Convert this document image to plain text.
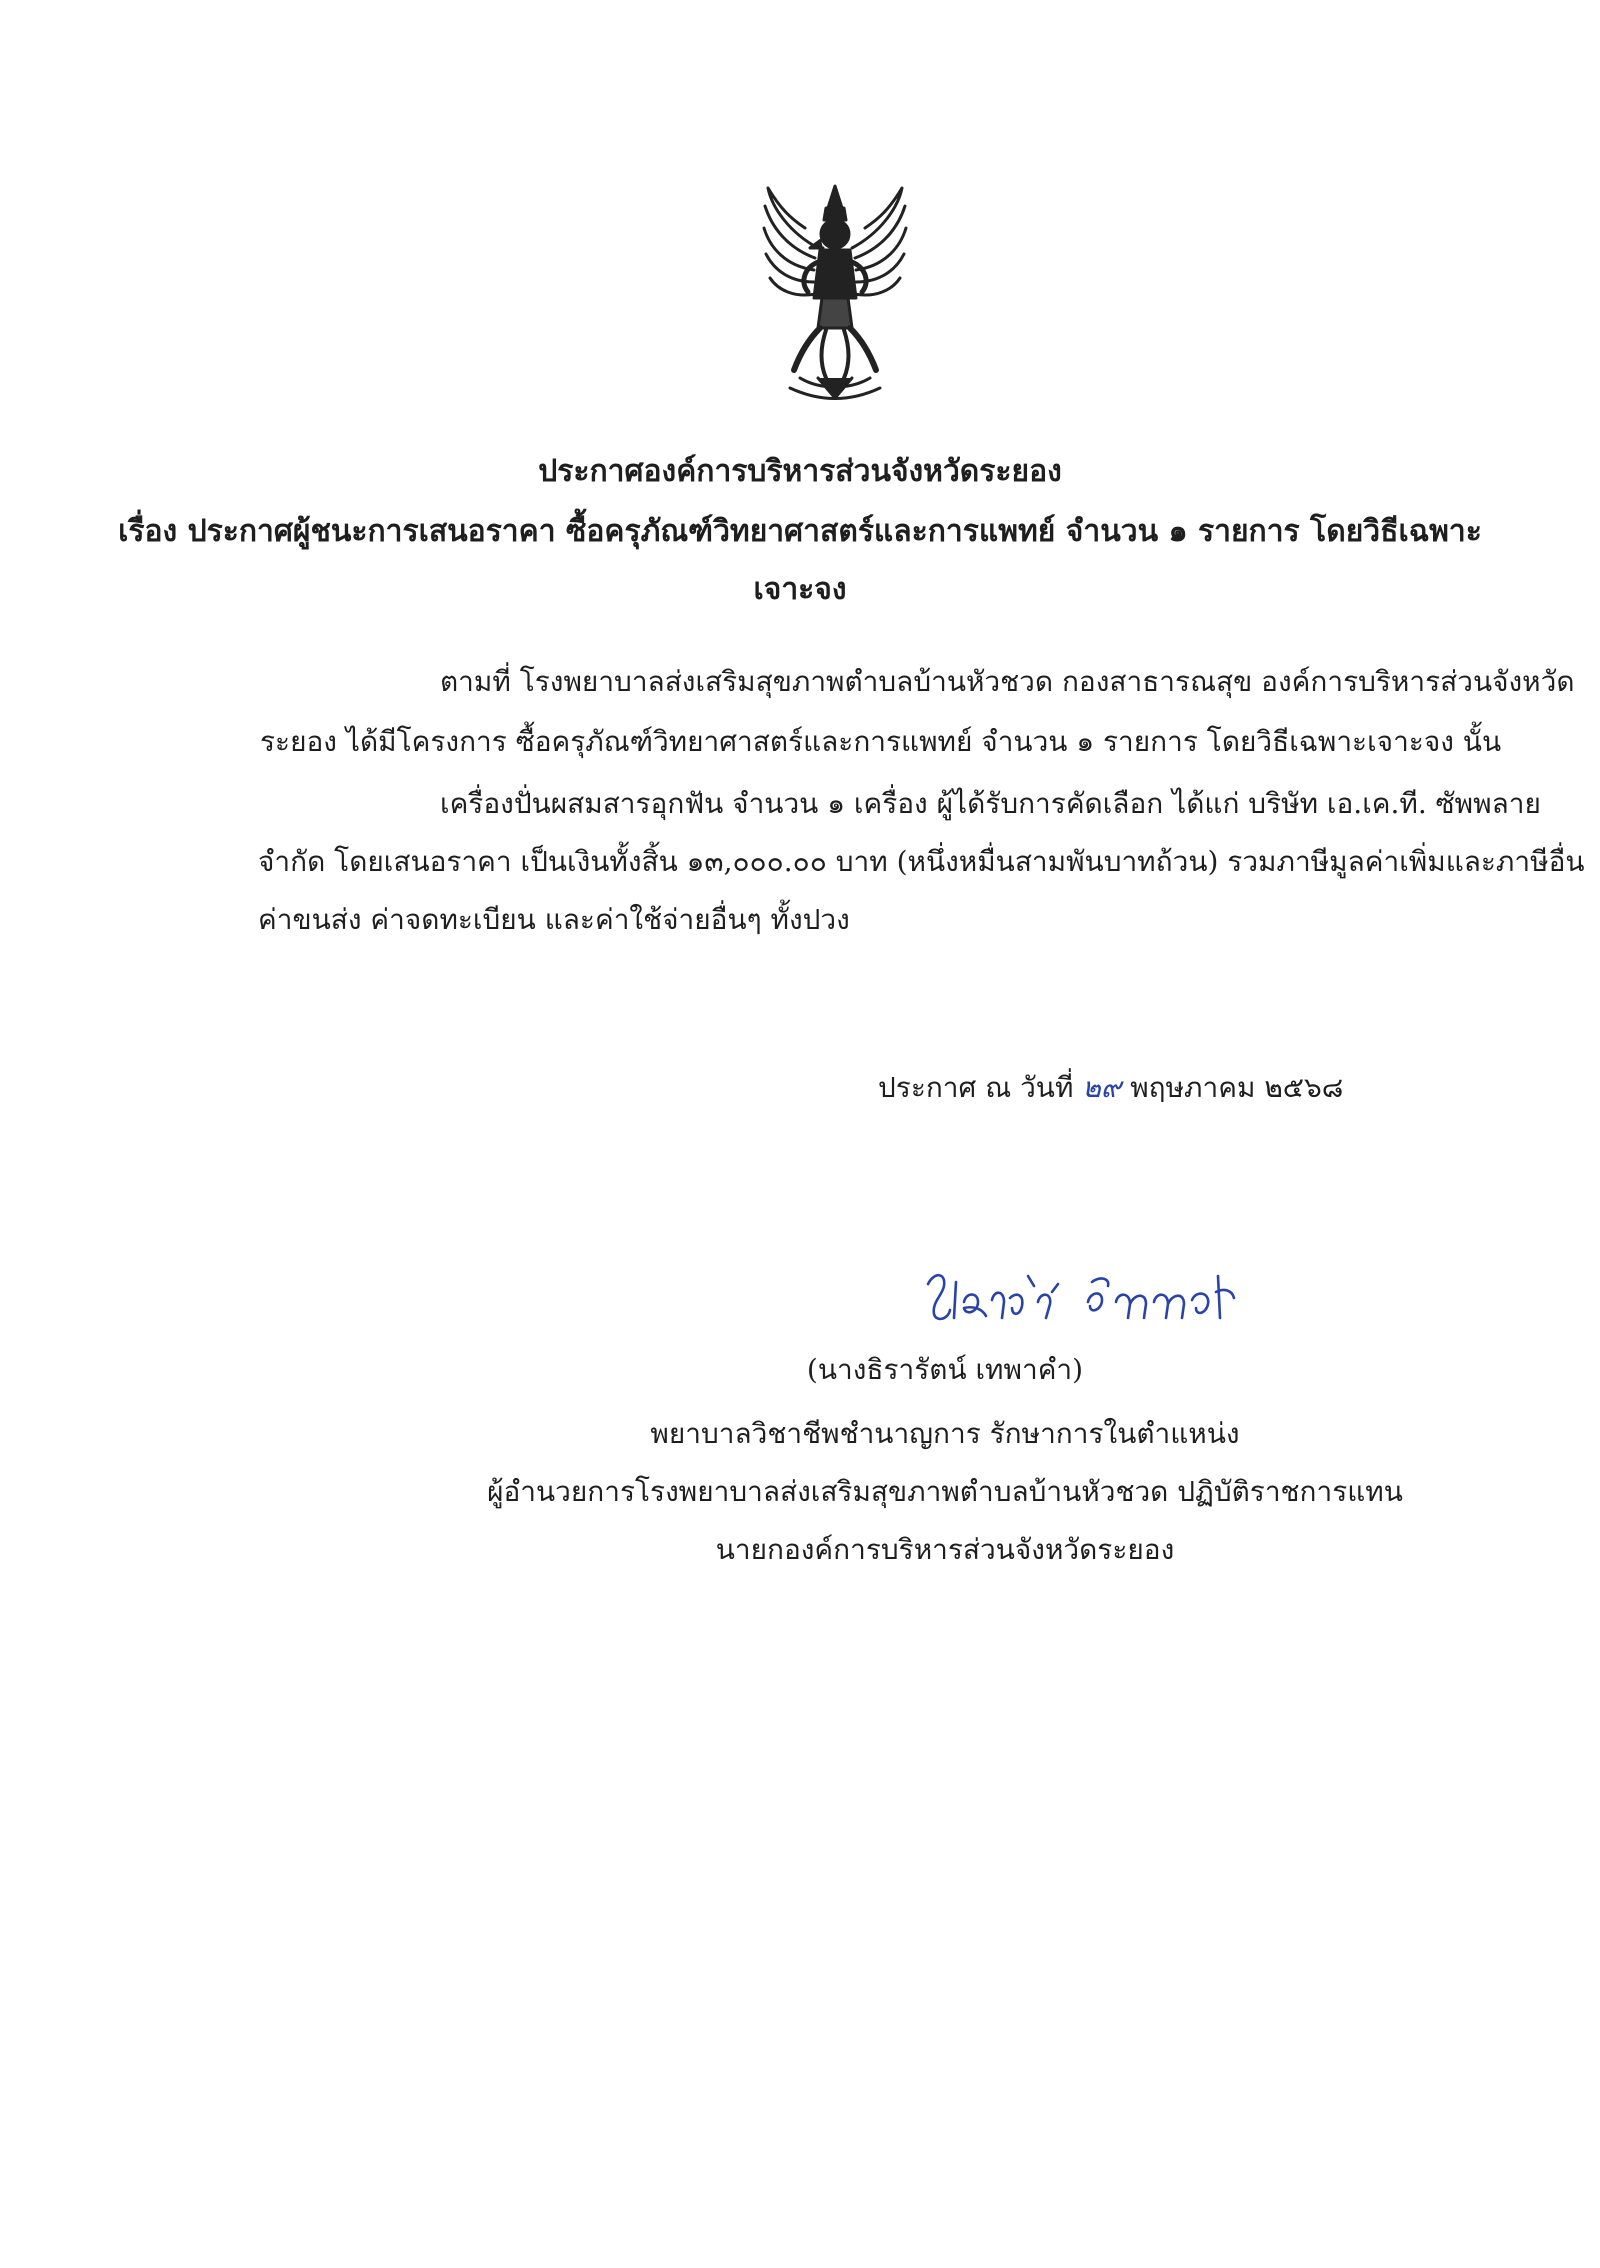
ประกาศองค์การบริหารส่วนจังหวัดระยอง
เรื่อง ประกาศผู้ชนะการเสนอราคา ซื้อครุภัณฑ์วิทยาศาสตร์และการแพทย์ จำนวน ๑ รายการ โดยวิธีเฉพาะ
เจาะจง
ตามที่ โรงพยาบาลส่งเสริมสุขภาพตำบลบ้านหัวชวด กองสาธารณสุข องค์การบริหารส่วนจังหวัด
ระยอง ได้มีโครงการ ซื้อครุภัณฑ์วิทยาศาสตร์และการแพทย์ จำนวน ๑ รายการ โดยวิธีเฉพาะเจาะจง นั้น
เครื่องปั่นผสมสารอุกฟัน จำนวน ๑ เครื่อง ผู้ได้รับการคัดเลือก ได้แก่ บริษัท เอ.เค.ที. ซัพพลาย
จำกัด โดยเสนอราคา เป็นเงินทั้งสิ้น ๑๓,๐๐๐.๐๐ บาท (หนึ่งหมื่นสามพันบาทถ้วน) รวมภาษีมูลค่าเพิ่มและภาษีอื่น
ค่าขนส่ง ค่าจดทะเบียน และค่าใช้จ่ายอื่นๆ ทั้งปวง
ประกาศ ณ วันที่ ๒๙ พฤษภาคม ๒๕๖๘
(นางธิรารัตน์ เทพาคำ)
พยาบาลวิชาชีพชำนาญการ รักษาการในตำแหน่ง
ผู้อำนวยการโรงพยาบาลส่งเสริมสุขภาพตำบลบ้านหัวชวด ปฏิบัติราชการแทน
นายกองค์การบริหารส่วนจังหวัดระยอง
